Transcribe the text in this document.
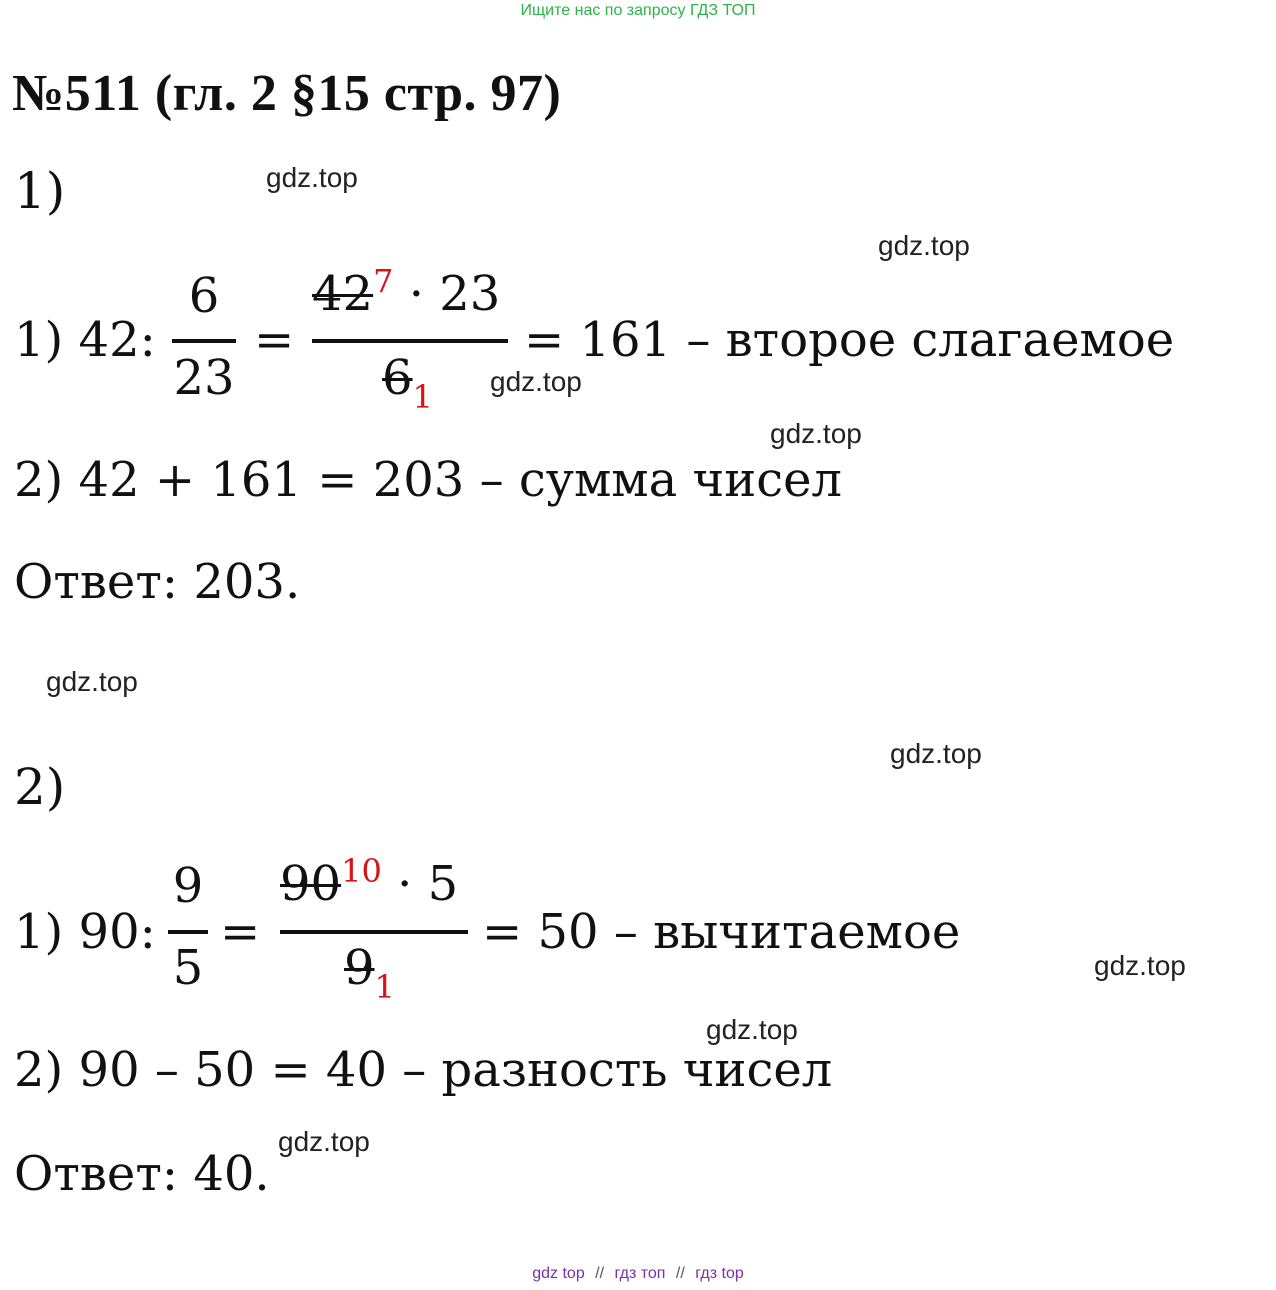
Ищите нас по запросу ГДЗ ТОП
№511 (гл. 2 §15 стр. 97)
gdz.top
gdz.top
gdz.top
gdz.top
gdz.top
gdz.top
gdz.top
gdz.top
gdz.top
1)
1) 42:
6
23
=
$42^7 \cdot 23$
$6_1$
= 161 – второе слагаемое
2) 42 + 161 = 203 – сумма чисел
Ответ: 203.
2)
1) 90:
9
5
=
$90^{10} \cdot 5$
$9_1$
= 50 – вычитаемое
2) 90 – 50 = 40 – разность чисел
Ответ: 40.
gdz top // гдз топ // гдз top
